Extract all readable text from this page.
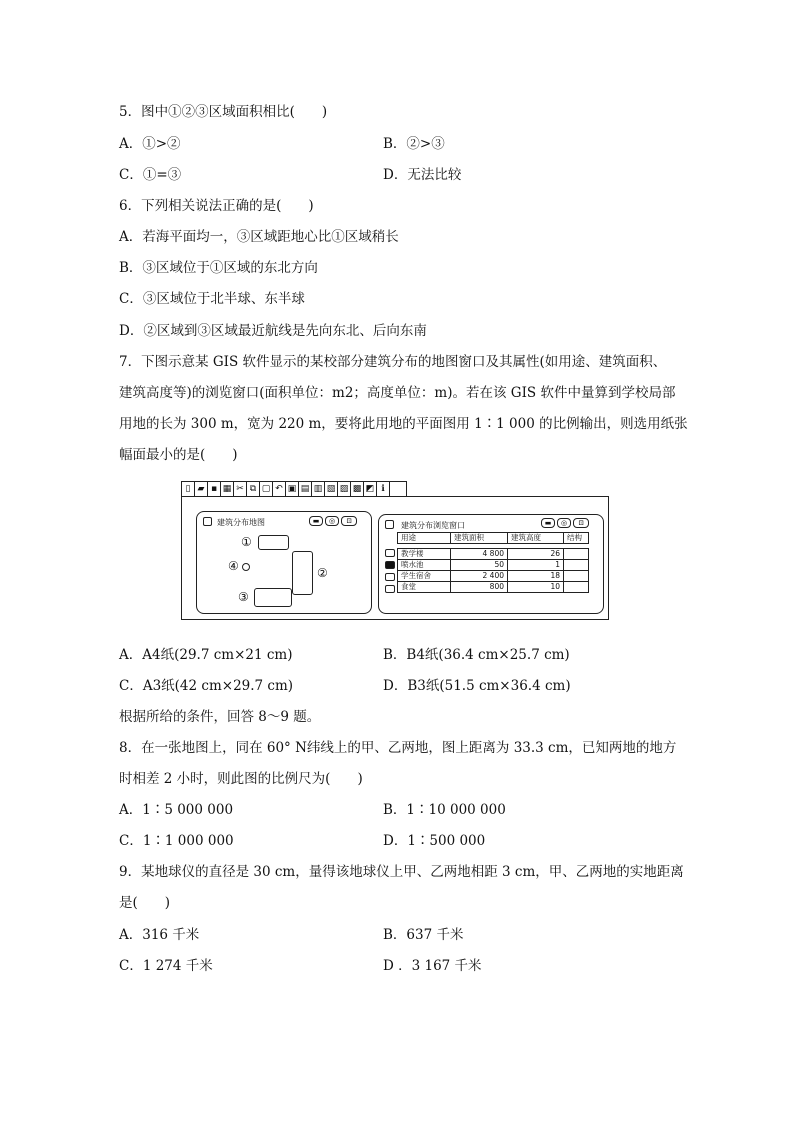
5．图中①②③区域面积相比(　　)
A．①>②	B．②>③
C．①=③	D．无法比较
6．下列相关说法正确的是(　　)
A．若海平面均一，③区域距地心比①区域稍长
B．③区域位于①区域的东北方向
C．③区域位于北半球、东半球
D．②区域到③区域最近航线是先向东北、后向东南
7．下图示意某 GIS 软件显示的某校部分建筑分布的地图窗口及其属性(如用途、建筑面积、
建筑高度等)的浏览窗口(面积单位：m2；高度单位：m)。若在该 GIS 软件中量算到学校局部
用地的长为 300 m，宽为 220 m，要将此用地的平面图用 1∶1 000 的比例输出，则选用纸张
幅面最小的是(　　)
▯ ▰ ▪ ▦ ✂ ⧉ ▢ ↶ ▣ ▤ ▥ ▧ ▨ ▩ ◩ ℹ
建筑分布地图	▬	◎	⊡
①
④	②
③
建筑分布浏览窗口	▬	◎	⊡
用途	建筑面积	建筑高度	结构

教学楼	4 800	26	
喷水池	50	1	
学生宿舍	2 400	18	
食堂	800	10	
A．A4纸(29.7 cm×21 cm)	B．B4纸(36.4 cm×25.7 cm)
C．A3纸(42 cm×29.7 cm)	D．B3纸(51.5 cm×36.4 cm)
根据所给的条件，回答 8～9 题。
8．在一张地图上，同在 60° N纬线上的甲、乙两地，图上距离为 33.3 cm，已知两地的地方
时相差 2 小时，则此图的比例尺为(　　)
A．1∶5 000 000	B．1∶10 000 000
C．1∶1 000 000	D．1∶500 000
9．某地球仪的直径是 30 cm，量得该地球仪上甲、乙两地相距 3 cm，甲、乙两地的实地距离
是(　　)
A．316 千米	B．637 千米
C．1 274 千米	D ．3 167 千米
